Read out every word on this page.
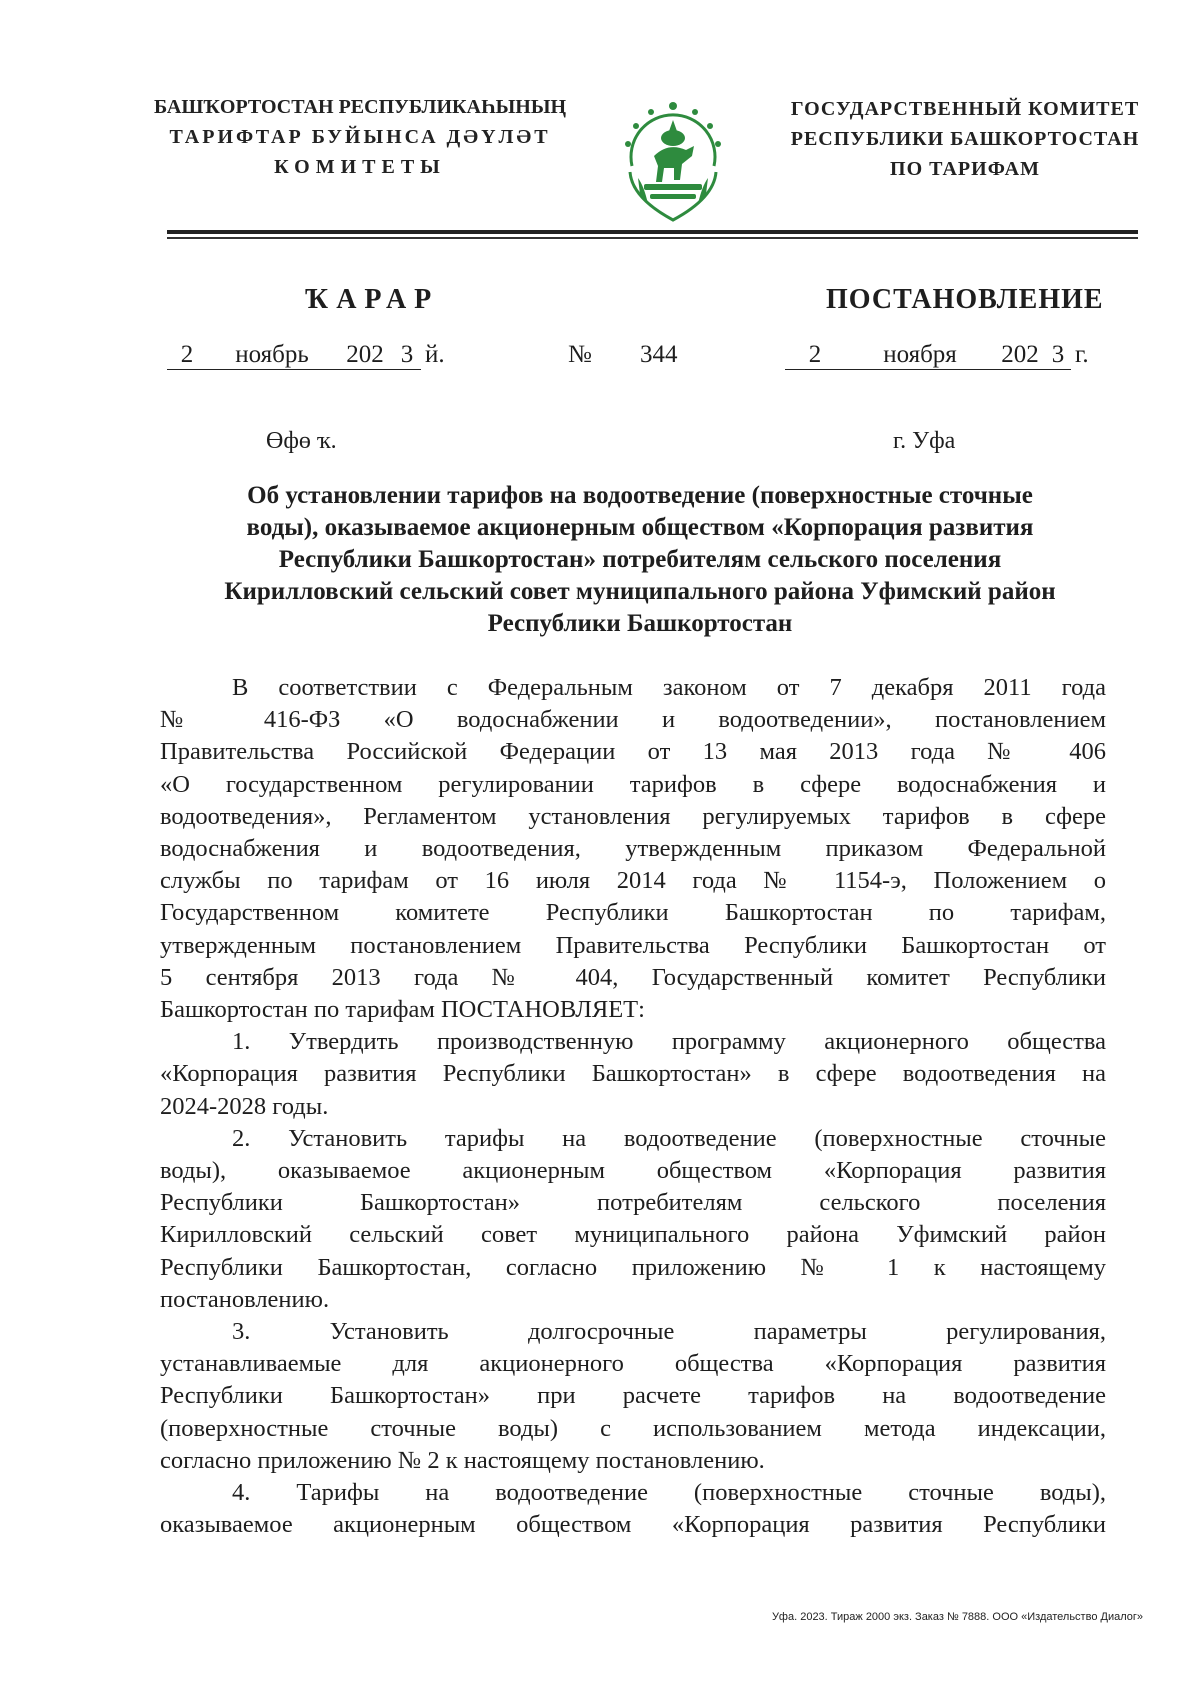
БАШҠОРТОСТАН РЕСПУБЛИКАҺЫНЫҢ
ТАРИФТАР БУЙЫНСА ДӘҮЛӘТ
КОМИТЕТЫ
ГОСУДАРСТВЕННЫЙ КОМИТЕТ
РЕСПУБЛИКИ БАШКОРТОСТАН
ПО ТАРИФАМ
ҠАРАР	ПОСТАНОВЛЕНИЕ
2 ноябрь 202 3 й.	№ 344	2 ноября 202 3 г.
Өфө ҡ.	г. Уфа
Об установлении тарифов на водоотведение (поверхностные сточные
воды), оказываемое акционерным обществом «Корпорация развития
Республики Башкортостан» потребителям сельского поселения
Кирилловский сельский совет муниципального района Уфимский район
Республики Башкортостан
В соответствии с Федеральным законом от 7 декабря 2011 года
№ 416-ФЗ «О водоснабжении и водоотведении», постановлением
Правительства Российской Федерации от 13 мая 2013 года № 406
«О государственном регулировании тарифов в сфере водоснабжения и
водоотведения», Регламентом установления регулируемых тарифов в сфере
водоснабжения и водоотведения, утвержденным приказом Федеральной
службы по тарифам от 16 июля 2014 года № 1154-э, Положением о
Государственном комитете Республики Башкортостан по тарифам,
утвержденным постановлением Правительства Республики Башкортостан от
5 сентября 2013 года № 404, Государственный комитет Республики
Башкортостан по тарифам ПОСТАНОВЛЯЕТ:
1. Утвердить производственную программу акционерного общества
«Корпорация развития Республики Башкортостан» в сфере водоотведения на
2024-2028 годы.
2. Установить тарифы на водоотведение (поверхностные сточные
воды), оказываемое акционерным обществом «Корпорация развития
Республики Башкортостан» потребителям сельского поселения
Кирилловский сельский совет муниципального района Уфимский район
Республики Башкортостан, согласно приложению № 1 к настоящему
постановлению.
3. Установить долгосрочные параметры регулирования,
устанавливаемые для акционерного общества «Корпорация развития
Республики Башкортостан» при расчете тарифов на водоотведение
(поверхностные сточные воды) с использованием метода индексации,
согласно приложению № 2 к настоящему постановлению.
4. Тарифы на водоотведение (поверхностные сточные воды),
оказываемое акционерным обществом «Корпорация развития Республики
Уфа. 2023. Тираж 2000 экз. Заказ № 7888. ООО «Издательство Диалог»
